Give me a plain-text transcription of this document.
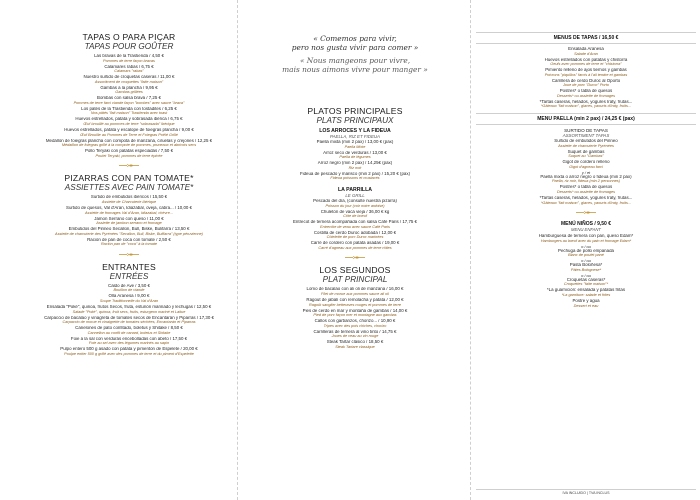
TAPAS O PARA PIÇAR
TAPAS POUR GOÛTER
Las bravas de la Trastienda / 4,50 €
Pommes de terre façon bravas
Calamares rabas / 6,75 €
Calamars "rabas"
Nuestro surtido de croquetas caseras / 11,00 €
Assortiment de croquettes "faite maison"
Gambas a la plancha / 9,95 €
Gambas grillées
Bombas con salsa brava / 7,25 €
Pommes de terre farci viande façon "bombes" avec sauce "brava"
Los patés de la Trastienda con tostadites / 6,25 €
Nos pâtés "fait maison" Trastienda avec toast
Huevos estrellados, patata y sobrasada ibérica / 6,75 €
Œuf brouillé au pommes de terre "sobrasada" ibérique
Huevos estrellados, patata y escalope de foiegras plancha / 9,00 €
Œuf Brouille au Pommes de Terre et Foiegras Poêlé Grillé
Medallón de foiegras plancha con compota de manzana, ciruelas y crejones / 12,25 €
Médaillon de foiegras grillé à la compote de pommes, pruneaux et abricots secs
Pollo Teryaki con patatas especiadas / 7,50 €
Poulet Teryaki, pommes de terre épicée
PIZARRAS CON PAN TOMATE*
ASSIETTES AVEC PAIN TOMATE*
Surtido de embutidos ibéricos / 15,50 €
Assiette de Charcuterie Ibérique
Surtido de quesos, Val d'Aran, Idiazabal, oveja, cabra... / 10,00 €
Assiette de fromages Val d'Aran, Idiazabal, chèvre...
Jamon Serrano con queso / 11,00 €
Assiette de jambon serrano et fromage
Embutidos del Pirineo Secallon, Bull, Biske, Bulifarra / 13,50 €
Assiette de charcuterie des Pyrénées "Secallon, Bull, Biske, Bulifarra" (type péruvienne)
Ración de pan de coca con tomate / 2,50 €
Ración pan de "coca" à la tomate
ENTRANTES
ENTRÉES
Caldo de Ave / 3,50 €
Bouillon de viande
Olla Aranesa / 9,00 €
Soupe Traditionnelle du Val d'Aran
Ensalada "Poké", quinoa, frutos Secos, fruta, esturión marinado y lechugas / 12,50 €
Salade "Poké", quinoa, fruit secs, fruits, esturgeon mariné et Laitue
Carpaccio de bacalao y vinagreta de tomates secos de Encantarán y Piparras / 17,30 €
Carpaccio de morue et vinaigrette de tomates séchées, Encantarán et Piparras
Canelones de pato confitado, boletus y Shitake / 8,50 €
Cannellon au confit de canard, boletus et Shitake
Foie a la sal con verduras encebolladas con abeto / 17,50 €
Foie au sel avec des légumes marinés au sapin
Pulpo entero 500 g asado con patata y pimentón de Espelete / 20,00 €
Poulpe entier 500 g grillé avec des pommes de terre et du piment d'Espelette
« Comemos para vivir,
pero nos gusta vivir para comer »
« Nous mangeons pour vivre,
mais nous aimons vivre pour manger »
PLATOS PRINCIPALES
PLATS PRINCIPAUX
LOS ARROCES Y LA FIDEUA
PAELLA, RIZ ET FIDEUA
Paella mixta (min 2 pax) / 13,00 € (pax)
Paella Mixte
Arroz seco de verduras / 13,00 €
Paella de légumes
Arroz negro (min 2 pax) / 14,25€ (pax)
Riz noir
Fideua de pescado y marisco (min 2 pax) / 15,20 € (pax)
Fideua poissons et crustacés
LA PARRILLA
LE GRILL
Pescado del día, (consulte nuestra pizarra)
Poisson du jour (voir notre ardoise)
Chuletón de vaca vieja / 36,00 € kg
Côte de boeuf
Entrecot de ternera acompañada con salsa Café Paris / 17,75 €
Entrecôte de veau avec sauce Café Paris
Costilla de cerdo Duroc adobada / 12,00 €
Côtelette de porc Duroc marinées
Carré de cordero con patata asadas / 19,00 €
Carré d'agneau aux pommes de terre rôties
LOS SEGUNDOS
PLAT PRINCIPAL
Lomo de bacalao con ali oli de manzana / 16,00 €
Filet de morue aux pommes sauce ali oli
Ragout de jabalí con remolacha y patata / 12,00 €
Ragoût sanglier betteraves rouges et pommes de terre
Pies de cerdo en mar y montaña de gambas / 14,00 €
Pied de porc façon mer et montagne aux gambas
Callos con garbanzos, chorizo... / 10,90 €
Tripes avec des pois chiches, chorizo
Carrilleras de ternera al vino tinto / 14,75 €
Joues de veau au vin rouge
Steak Tartar clásico / 18,50 €
Steak Tartare classique
MENUS DE TAPAS / 16,50 €
Ensalada Aranesa
Salade d'Aran
Huevos estrellados con patatas y chistorra
Oeufs avec pommes de terre et "chistorra"
Pimiento relleno de ajos tiernos y gambas
Poivrons "piquillos" farcis à l'ail tendre et gambas
Carrillera de cerdo Duroc al Oporto
Joue de porc "Duroc" Porto
Postres* o tabla de quesos
Desserts* ou assiette de fromages
*Tartas caseras, helados, yogures Iraty, frutas...
*Gâteaux "fait maison", glaces, yaourts d'Iraty, fruits...
MENU PAELLA (min 2 pax) / 24,25 € (pax)
SURTIDO DE TAPAS
ASSORTIMENT TAPAS
Surtido de embutidos del Pirineo
Assiette de charcuterie Pyrénées
Suquet de gambas
Suquet au "Gambas"
Gigot de cordero relleno
Gigot d'agneau farci
y / et
Paella mixta o arroz negro o fideua (min 2 pax)
Paella, riz noir, fideua (min 2 personnes)
Postres* o tabla de quesos
Desserts* ou assiette de fromages
*Tartas caseras, helados, yogures Iraty, frutas...
*Gâteaux "fait maison", glaces, yaourts d'Iraty, fruits...
MENÚ NIÑOS / 9,50 €
MENU ENFANT
Hamburguesa de ternera con pan, queso Edam*
Hamburgers au bœuf avec du pain et fromage Edam*
o / ou
Pechuga de pollo empanada
Blanc de poulet pané
o / ou
Pasta Boloñesa*
Pâtes Bolognese*
o / ou
Croquetas caseras*
Croquettes "faite maison"*
*La guarnición: ensalada y patatas fritas
*La garniture: salade et frites
Postre y agua
Dessert et eau
IVA INCLUIDO | TVA INCLUS
